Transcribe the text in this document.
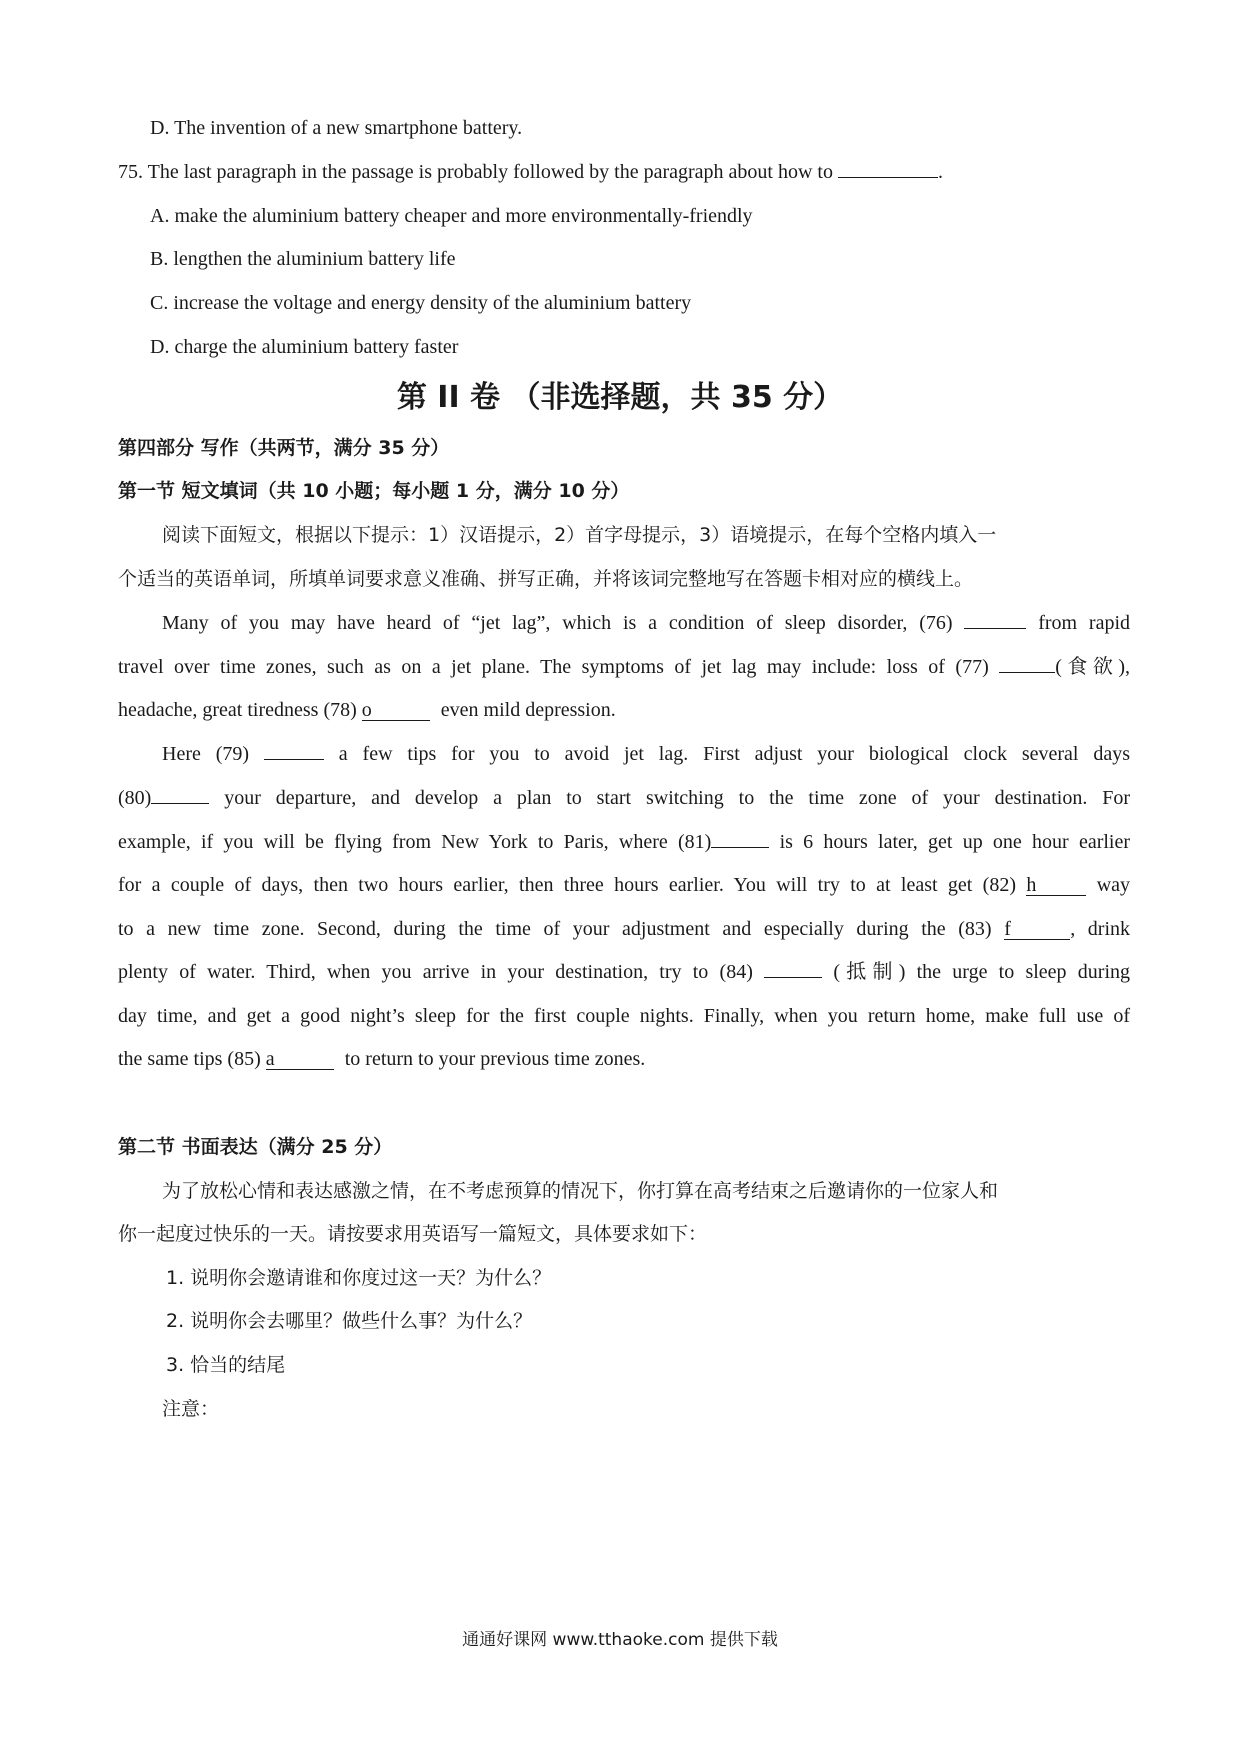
D. The invention of a new smartphone battery.
75. The last paragraph in the passage is probably followed by the paragraph about how to	.
A. make the aluminium battery cheaper and more environmentally-friendly
B. lengthen the aluminium battery life
C. increase the voltage and energy density of the aluminium battery
D. charge the aluminium battery faster
第 II 卷 （非选择题，共 35 分）
第四部分 写作（共两节，满分 35 分）
第一节 短文填词（共 10 小题；每小题 1 分，满分 10 分）
阅读下面短文，根据以下提示：1）汉语提示，2）首字母提示，3）语境提示，在每个空格内填入一
个适当的英语单词，所填单词要求意义准确、拼写正确，并将该词完整地写在答题卡相对应的横线上。
Many of you may have heard of “jet lag”, which is a condition of sleep disorder, (76)	from rapid
travel over time zones, such as on a jet plane. The symptoms of jet lag may include: loss of (77)	(食欲),
headache, great tiredness (78) o	even mild depression.
Here (79)	a few tips for you to avoid jet lag. First adjust your biological clock several days
(80)	your departure, and develop a plan to start switching to the time zone of your destination. For
example, if you will be flying from New York to Paris, where (81)	is 6 hours later, get up one hour earlier
for a couple of days, then two hours earlier, then three hours earlier. You will try to at least get (82) h	way
to a new time zone. Second, during the time of your adjustment and especially during the (83) f	, drink
plenty of water. Third, when you arrive in your destination, try to (84)	(抵制) the urge to sleep during
day time, and get a good night’s sleep for the first couple nights. Finally, when you return home, make full use of
the same tips (85) a	to return to your previous time zones.
第二节 书面表达（满分 25 分）
为了放松心情和表达感激之情，在不考虑预算的情况下，你打算在高考结束之后邀请你的一位家人和
你一起度过快乐的一天。请按要求用英语写一篇短文，具体要求如下：
1. 说明你会邀请谁和你度过这一天？为什么？
2. 说明你会去哪里？做些什么事？为什么？
3. 恰当的结尾
注意：
通通好课网 www.tthaoke.com 提供下载
